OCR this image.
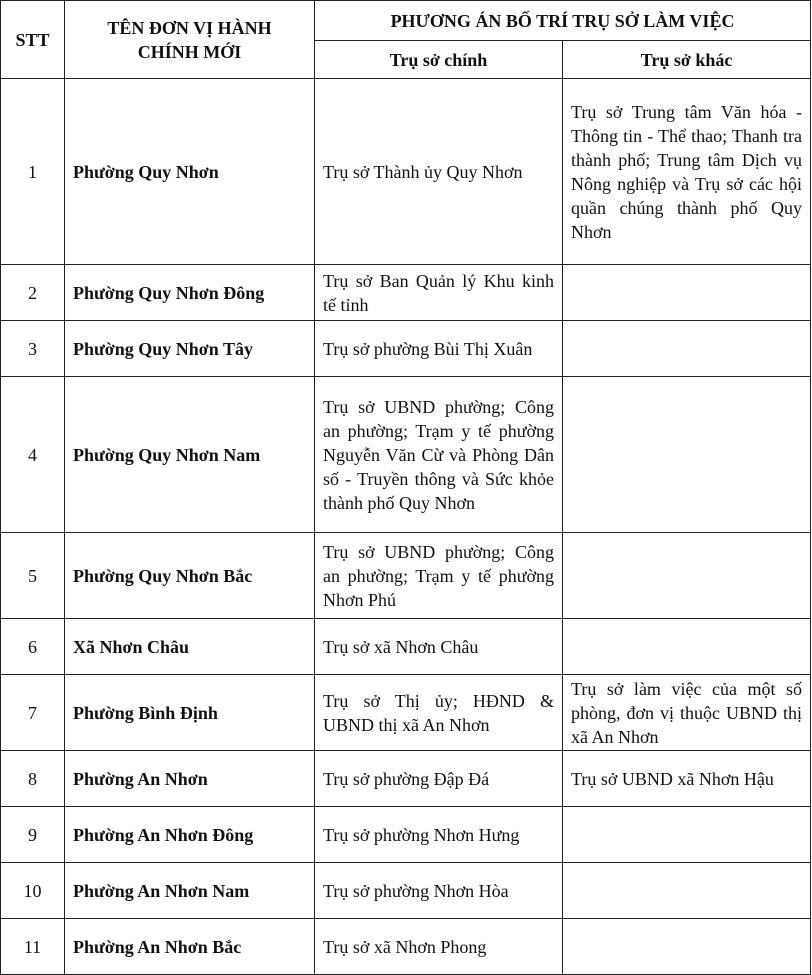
STT	TÊN ĐƠN VỊ HÀNH CHÍNH MỚI	PHƯƠNG ÁN BỐ TRÍ TRỤ SỞ LÀM VIỆC	
		Trụ sở chính	Trụ sở khác
1	Phường Quy Nhơn	Trụ sở Thành ủy Quy Nhơn	Trụ sở Trung tâm Văn hóa - Thông tin - Thể thao; Thanh tra thành phố; Trung tâm Dịch vụ Nông nghiệp và Trụ sở các hội quần chúng thành phố Quy Nhơn
2	Phường Quy Nhơn Đông	Trụ sở Ban Quản lý Khu kinh tế tỉnh	
3	Phường Quy Nhơn Tây	Trụ sở phường Bùi Thị Xuân	
4	Phường Quy Nhơn Nam	Trụ sở UBND phường; Công an phường; Trạm y tế phường Nguyễn Văn Cừ và Phòng Dân số - Truyền thông và Sức khỏe thành phố Quy Nhơn	
5	Phường Quy Nhơn Bắc	Trụ sở UBND phường; Công an phường; Trạm y tế phường Nhơn Phú	
6	Xã Nhơn Châu	Trụ sở xã Nhơn Châu	
7	Phường Bình Định	Trụ sở Thị ủy; HĐND & UBND thị xã An Nhơn	Trụ sở làm việc của một số phòng, đơn vị thuộc UBND thị xã An Nhơn
8	Phường An Nhơn	Trụ sở phường Đập Đá	Trụ sở UBND xã Nhơn Hậu
9	Phường An Nhơn Đông	Trụ sở phường Nhơn Hưng	
10	Phường An Nhơn Nam	Trụ sở phường Nhơn Hòa	
11	Phường An Nhơn Bắc	Trụ sở xã Nhơn Phong	
